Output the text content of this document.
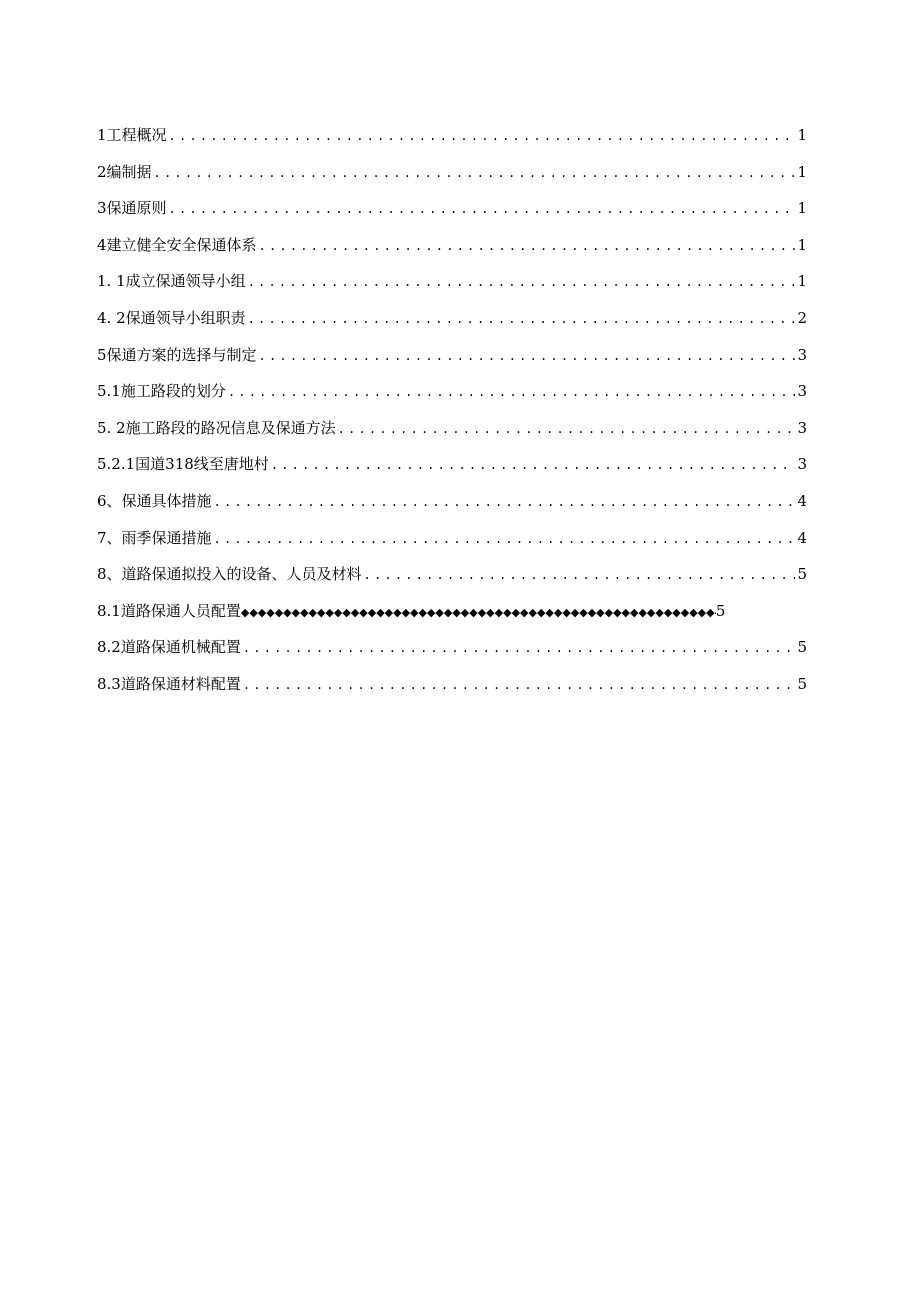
1工程概况 .....	1
2编制据 .....	1
3保通原则 .....	1
4建立健全安全保通体系 .....	1
1. 1成立保通领导小组 .....	1
4. 2保通领导小组职责 .....	2
5保通方案的选择与制定 .....	3
5.1施工路段的划分 .....	3
5. 2施工路段的路况信息及保通方法 .....	3
5.2.1国道318线至唐地村 .....	3
6、保通具体措施 .....	4
7、雨季保通措施 .....	4
8、道路保通拟投入的设备、人员及材料 .....	5
8.1道路保通人员配置 ◆◆◆◆◆◆◆◆◆◆◆◆◆◆◆◆◆◆◆◆◆◆◆◆◆◆◆◆◆◆◆◆◆◆◆◆◆◆◆◆◆◆◆◆◆◆◆◆◆◆◆◆◆◆◆◆◆◆◆◆	5
8.2道路保通机械配置 .....	5
8.3道路保通材料配置 .....	5
